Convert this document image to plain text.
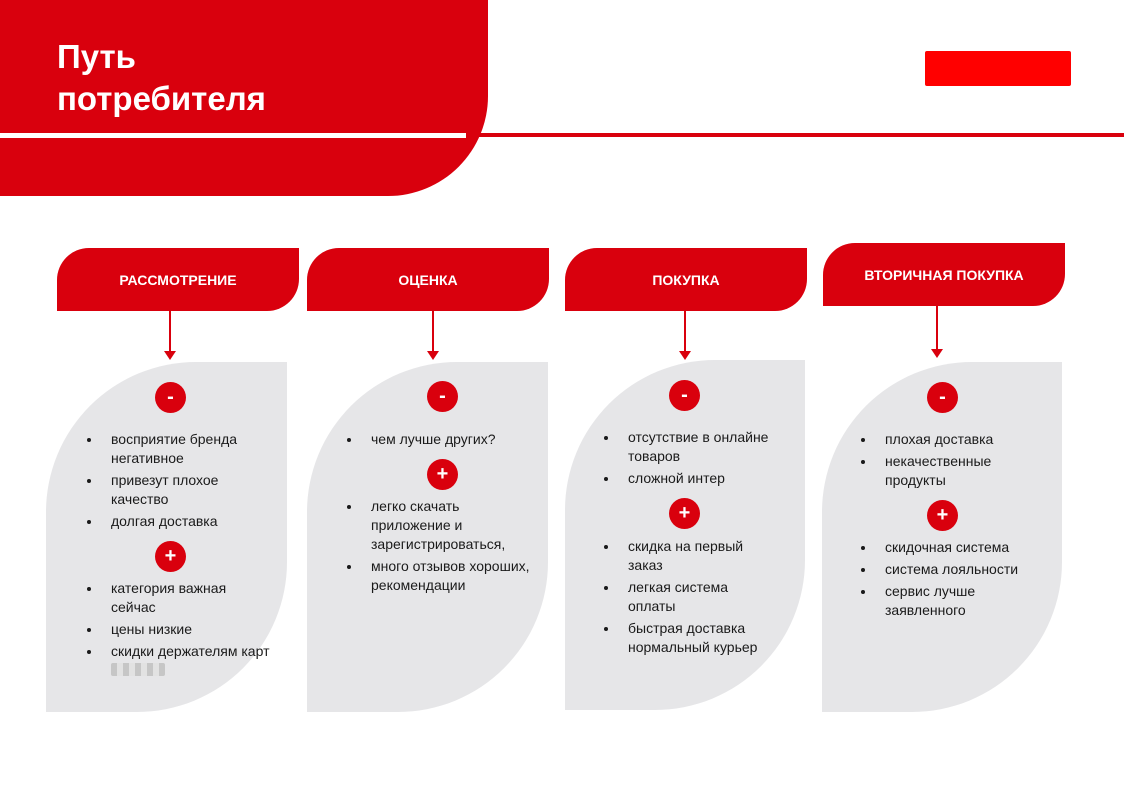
Путь
потребителя
РАССМОТРЕНИЕ
-
восприятие бренда негативное
привезут плохое качество
долгая доставка
+
категория важная сейчас
цены низкие
скидки держателям карт
ОЦЕНКА
-
чем лучше других?
+
легко скачать приложение и зарегистрироваться,
много отзывов хороших, рекомендации
ПОКУПКА
-
отсутствие в онлайне товаров
сложной интер
+
скидка на первый заказ
легкая система оплаты
быстрая доставка нормальный курьер
ВТОРИЧНАЯ ПОКУПКА
-
плохая доставка
некачественные продукты
+
скидочная система
система лояльности
сервис лучше заявленного
